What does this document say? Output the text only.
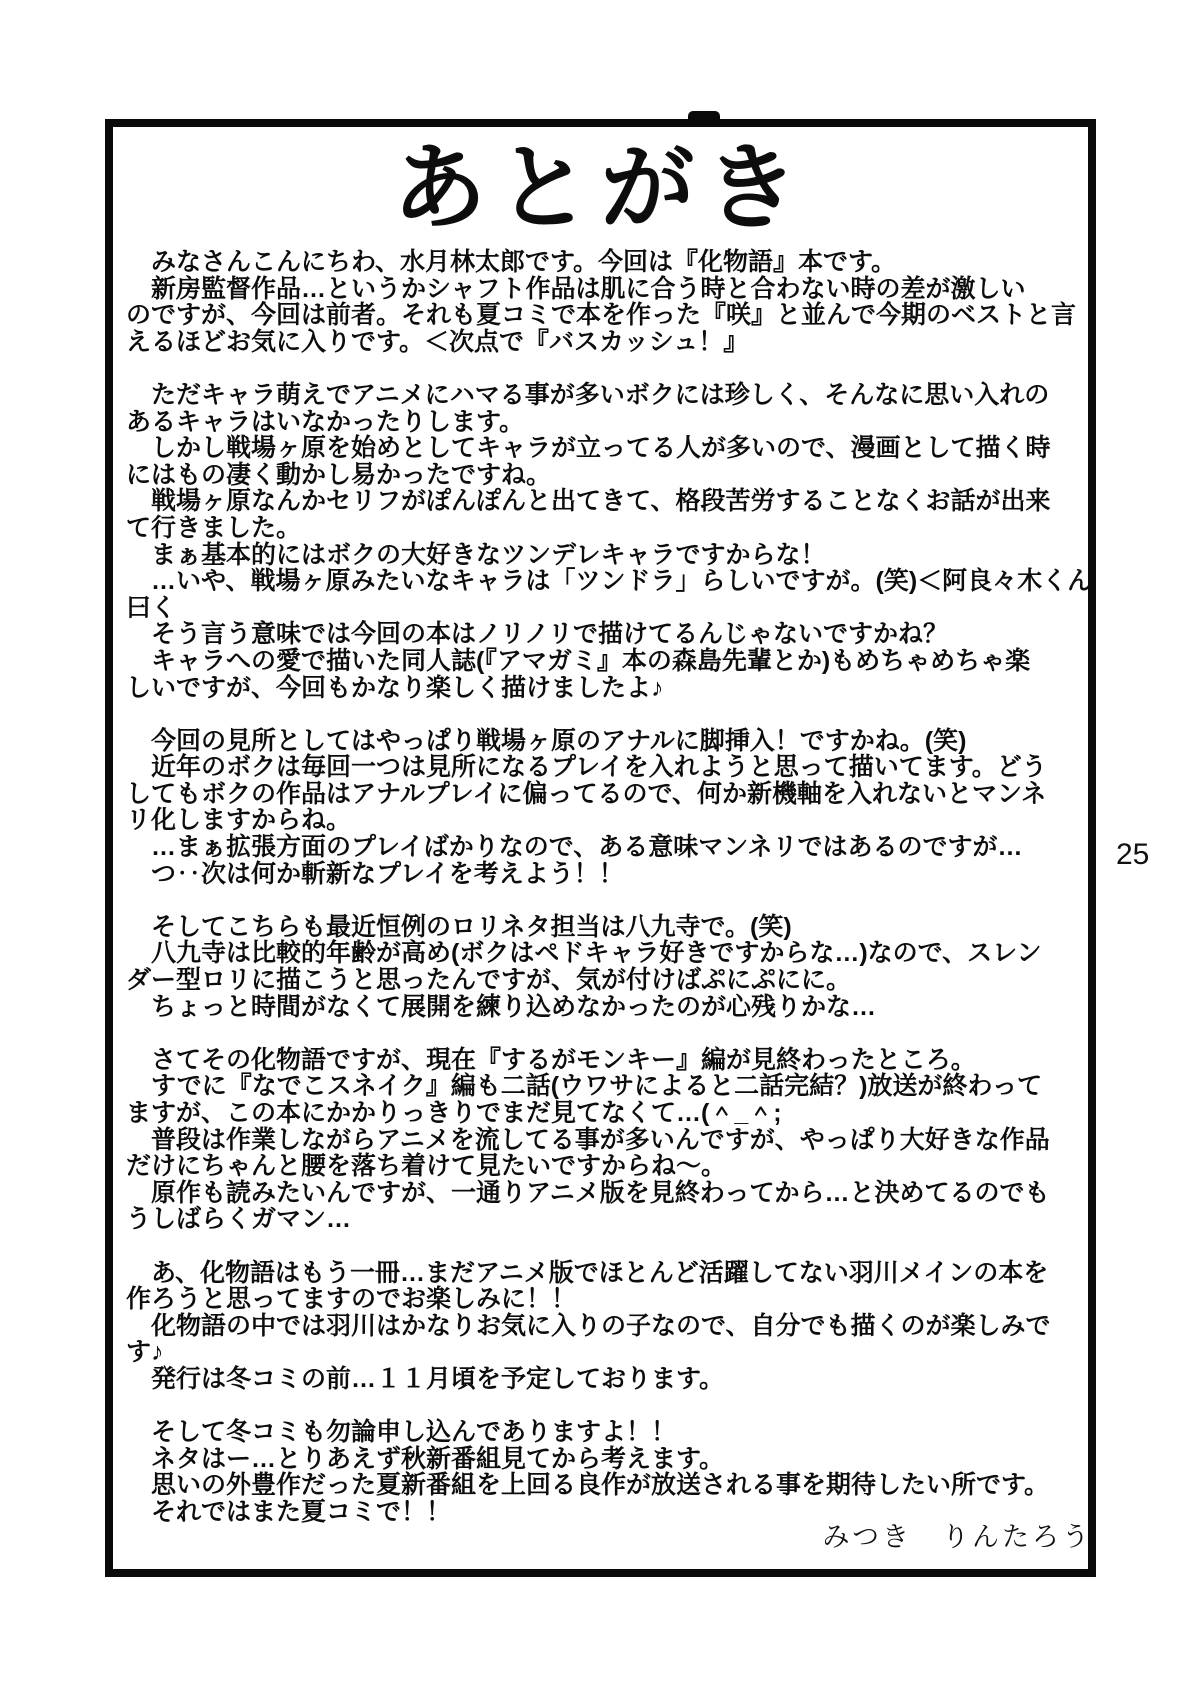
あとがき
　みなさんこんにちわ、水月林太郎です。今回は『化物語』本です。
　新房監督作品…というかシャフト作品は肌に合う時と合わない時の差が激しい
のですが、今回は前者。それも夏コミで本を作った『咲』と並んで今期のベストと言
えるほどお気に入りです。＜次点で『バスカッシュ！』
　ただキャラ萌えでアニメにハマる事が多いボクには珍しく、そんなに思い入れの
あるキャラはいなかったりします。
　しかし戦場ヶ原を始めとしてキャラが立ってる人が多いので、漫画として描く時
にはもの凄く動かし易かったですね。
　戦場ヶ原なんかセリフがぽんぽんと出てきて、格段苦労することなくお話が出来
て行きました。
　まぁ基本的にはボクの大好きなツンデレキャラですからな！
　…いや、戦場ヶ原みたいなキャラは「ツンドラ」らしいですが。(笑)＜阿良々木くん
曰く
　そう言う意味では今回の本はノリノリで描けてるんじゃないですかね？
　キャラへの愛で描いた同人誌(『アマガミ』本の森島先輩とか)もめちゃめちゃ楽
しいですが、今回もかなり楽しく描けましたよ♪
　今回の見所としてはやっぱり戦場ヶ原のアナルに脚挿入！ですかね。(笑)
　近年のボクは毎回一つは見所になるプレイを入れようと思って描いてます。どう
してもボクの作品はアナルプレイに偏ってるので、何か新機軸を入れないとマンネ
リ化しますからね。
　…まぁ拡張方面のプレイばかりなので、ある意味マンネリではあるのですが…
　つ‥次は何か斬新なプレイを考えよう！！
　そしてこちらも最近恒例のロリネタ担当は八九寺で。(笑)
　八九寺は比較的年齢が高め(ボクはペドキャラ好きですからな…)なので、スレン
ダー型ロリに描こうと思ったんですが、気が付けばぷにぷにに。
　ちょっと時間がなくて展開を練り込めなかったのが心残りかな…
　さてその化物語ですが、現在『するがモンキー』編が見終わったところ。
　すでに『なでこスネイク』編も二話(ウワサによると二話完結？)放送が終わって
ますが、この本にかかりっきりでまだ見てなくて…(＾_＾;
　普段は作業しながらアニメを流してる事が多いんですが、やっぱり大好きな作品
だけにちゃんと腰を落ち着けて見たいですからね～。
　原作も読みたいんですが、一通りアニメ版を見終わってから…と決めてるのでも
うしばらくガマン…
　あ、化物語はもう一冊…まだアニメ版でほとんど活躍してない羽川メインの本を
作ろうと思ってますのでお楽しみに！！
　化物語の中では羽川はかなりお気に入りの子なので、自分でも描くのが楽しみで
す♪
　発行は冬コミの前…１１月頃を予定しております。
　そして冬コミも勿論申し込んでありますよ！！
　ネタはー…とりあえず秋新番組見てから考えます。
　思いの外豊作だった夏新番組を上回る良作が放送される事を期待したい所です。
　それではまた夏コミで！！
みつき　りんたろう
25
